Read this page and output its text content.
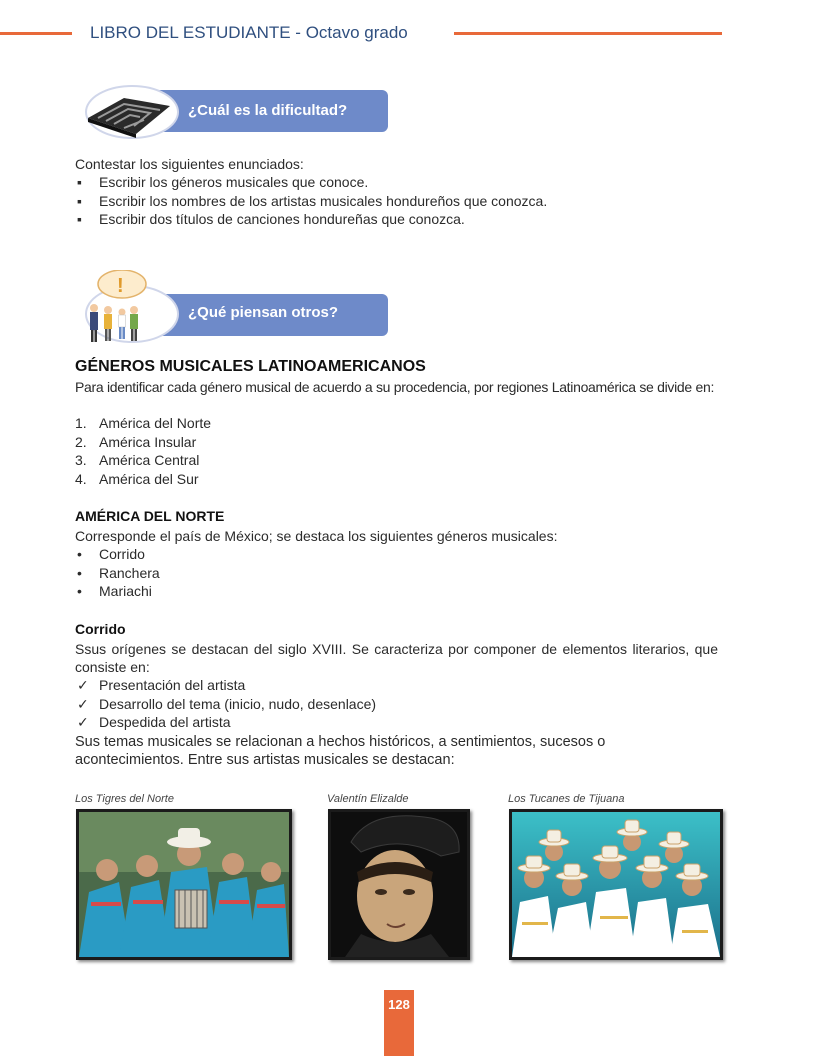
LIBRO DEL ESTUDIANTE - Octavo grado
¿Cuál es la dificultad?
Contestar los siguientes enunciados:
▪ Escribir los géneros musicales que conoce.
▪ Escribir los nombres de los artistas musicales hondureños que conozca.
▪ Escribir dos títulos de canciones hondureñas que conozca.
¿Qué piensan otros?
!
GÉNEROS MUSICALES LATINOAMERICANOS
Para identificar cada género musical de acuerdo a su procedencia, por regiones Latinoamérica se divide en:
1. América del Norte
2. América Insular
3. América Central
4. América del Sur
AMÉRICA DEL NORTE
Corresponde el país de México; se destaca los siguientes géneros musicales:
• Corrido
• Ranchera
• Mariachi
Corrido
Ssus orígenes se destacan del siglo XVIII. Se caracteriza por componer de elementos literarios, que consiste en:
✓ Presentación del artista
✓ Desarrollo del tema (inicio, nudo, desenlace)
✓ Despedida del artista
Sus temas musicales se relacionan a hechos históricos, a sentimientos, sucesos o acontecimientos. Entre sus artistas musicales se destacan:
Los Tigres del Norte	Valentín Elizalde	Los Tucanes de Tijuana
128
